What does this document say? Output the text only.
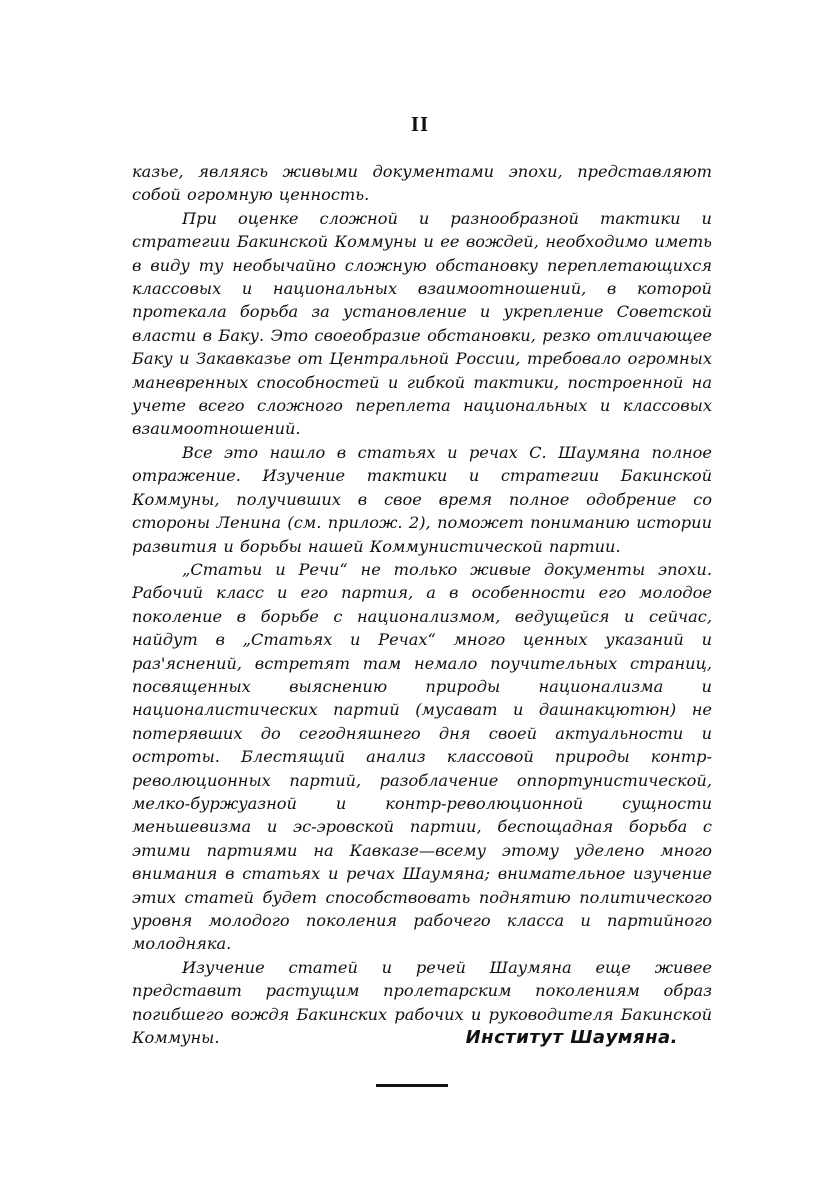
II

казье, являясь живыми документами эпохи, представляют собой огромную ценность.

При оценке сложной и разнообразной тактики и стратегии Бакинской Коммуны и ее вождей, необходимо иметь в виду ту необычайно сложную обстановку переплетающихся классовых и национальных взаимоотношений, в которой протекала борьба за установление и укрепление Советской власти в Баку. Это своеобразие обстановки, резко отличающее Баку и Закавказье от Центральной России, требовало огромных маневренных способностей и гибкой тактики, построенной на учете всего сложного переплета национальных и классовых взаимоотношений.

Все это нашло в статьях и речах С. Шаумяна полное отражение. Изучение тактики и стратегии Бакинской Коммуны, получивших в свое время полное одобрение со стороны Ленина (см. прилож. 2), поможет пониманию истории развития и борьбы нашей Коммунистической партии.

„Статьи и Речи“ не только живые документы эпохи. Рабочий класс и его партия, а в особенности его молодое поколение в борьбе с национализмом, ведущейся и сейчас, найдут в „Статьях и Речах“ много ценных указаний и раз'яснений, встретят там немало поучительных страниц, посвященных выяснению природы национализма и националистических партий (мусават и дашнакцютюн) не потерявших до сегодняшнего дня своей актуальности и остроты. Блестящий анализ классовой природы контр-революционных партий, разоблачение оппортунистической, мелко-буржуазной и контр-революционной сущности меньшевизма и эс-эровской партии, беспощадная борьба с этими партиями на Кавказе—всему этому уделено много внимания в статьях и речах Шаумяна; внимательное изучение этих статей будет способствовать поднятию политического уровня молодого поколения рабочего класса и партийного молодняка.

Изучение статей и речей Шаумяна еще живее представит растущим пролетарским поколениям образ погибшего вождя Бакинских рабочих и руководителя Бакинской Коммуны.	Институт Шаумяна.
